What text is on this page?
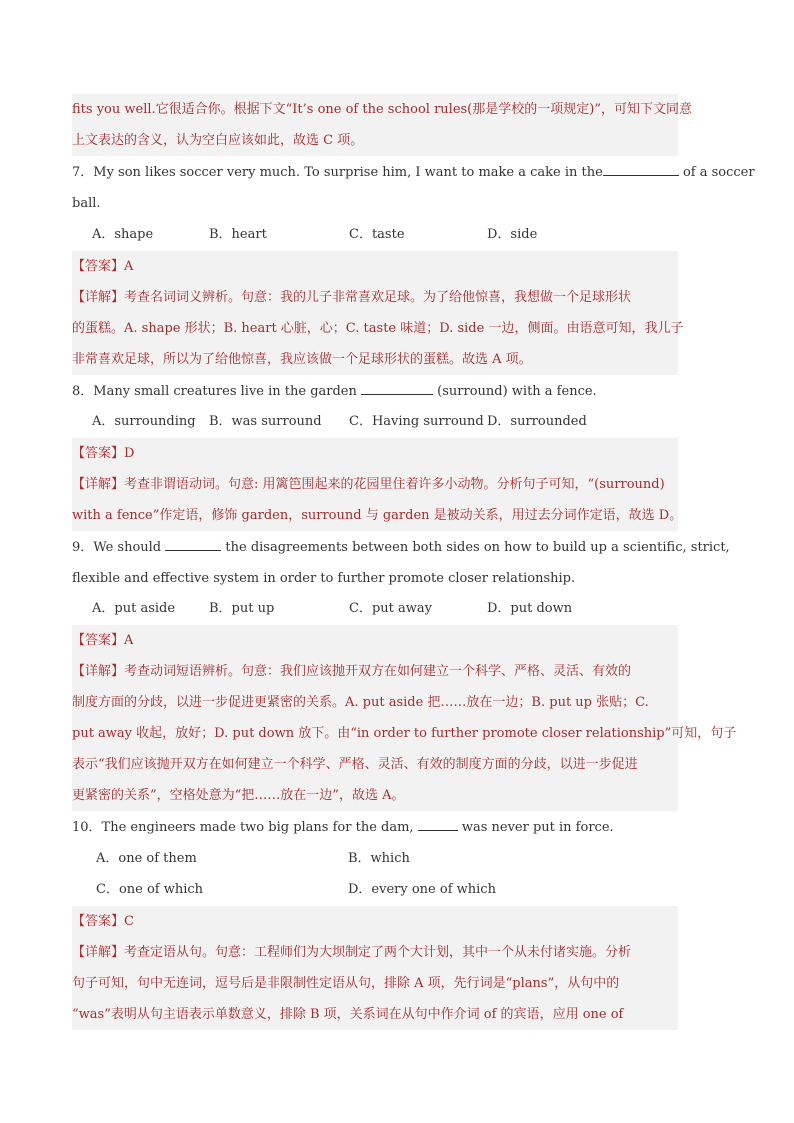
fits you well.它很适合你。根据下文“It’s one of the school rules(那是学校的一项规定)”，可知下文同意
上文表达的含义，认为空白应该如此，故选 C 项。
7．My son likes soccer very much. To surprise him, I want to make a cake in the	of a soccer
ball.
A．shape	B．heart	C．taste	D．side
【答案】A
【详解】考查名词词义辨析。句意：我的儿子非常喜欢足球。为了给他惊喜，我想做一个足球形状
的蛋糕。A. shape 形状；B. heart 心脏，心；C. taste 味道；D. side 一边，侧面。由语意可知，我儿子
非常喜欢足球，所以为了给他惊喜，我应该做一个足球形状的蛋糕。故选 A 项。
8．Many small creatures live in the garden	(surround) with a fence.
A．surrounding B．was surround C．Having surround D．surrounded
【答案】D
【详解】考查非谓语动词。句意: 用篱笆围起来的花园里住着许多小动物。分析句子可知，“(surround)
with a fence”作定语，修饰 garden，surround 与 garden 是被动关系，用过去分词作定语，故选 D。
9．We should	the disagreements between both sides on how to build up a scientific, strict,
flexible and effective system in order to further promote closer relationship.
A．put aside	B．put up	C．put away	D．put down
【答案】A
【详解】考查动词短语辨析。句意：我们应该抛开双方在如何建立一个科学、严格、灵活、有效的
制度方面的分歧，以进一步促进更紧密的关系。A. put aside 把……放在一边；B. put up 张贴；C.
put away 收起，放好；D. put down 放下。由“in order to further promote closer relationship”可知，句子
表示“我们应该抛开双方在如何建立一个科学、严格、灵活、有效的制度方面的分歧，以进一步促进
更紧密的关系”，空格处意为“把……放在一边”，故选 A。
10．The engineers made two big plans for the dam,	was never put in force.
A．one of them	B．which
C．one of which	D．every one of which
【答案】C
【详解】考查定语从句。句意：工程师们为大坝制定了两个大计划，其中一个从未付诸实施。分析
句子可知，句中无连词，逗号后是非限制性定语从句，排除 A 项，先行词是“plans”，从句中的
“was”表明从句主语表示单数意义，排除 B 项，关系词在从句中作介词 of 的宾语，应用 one of
